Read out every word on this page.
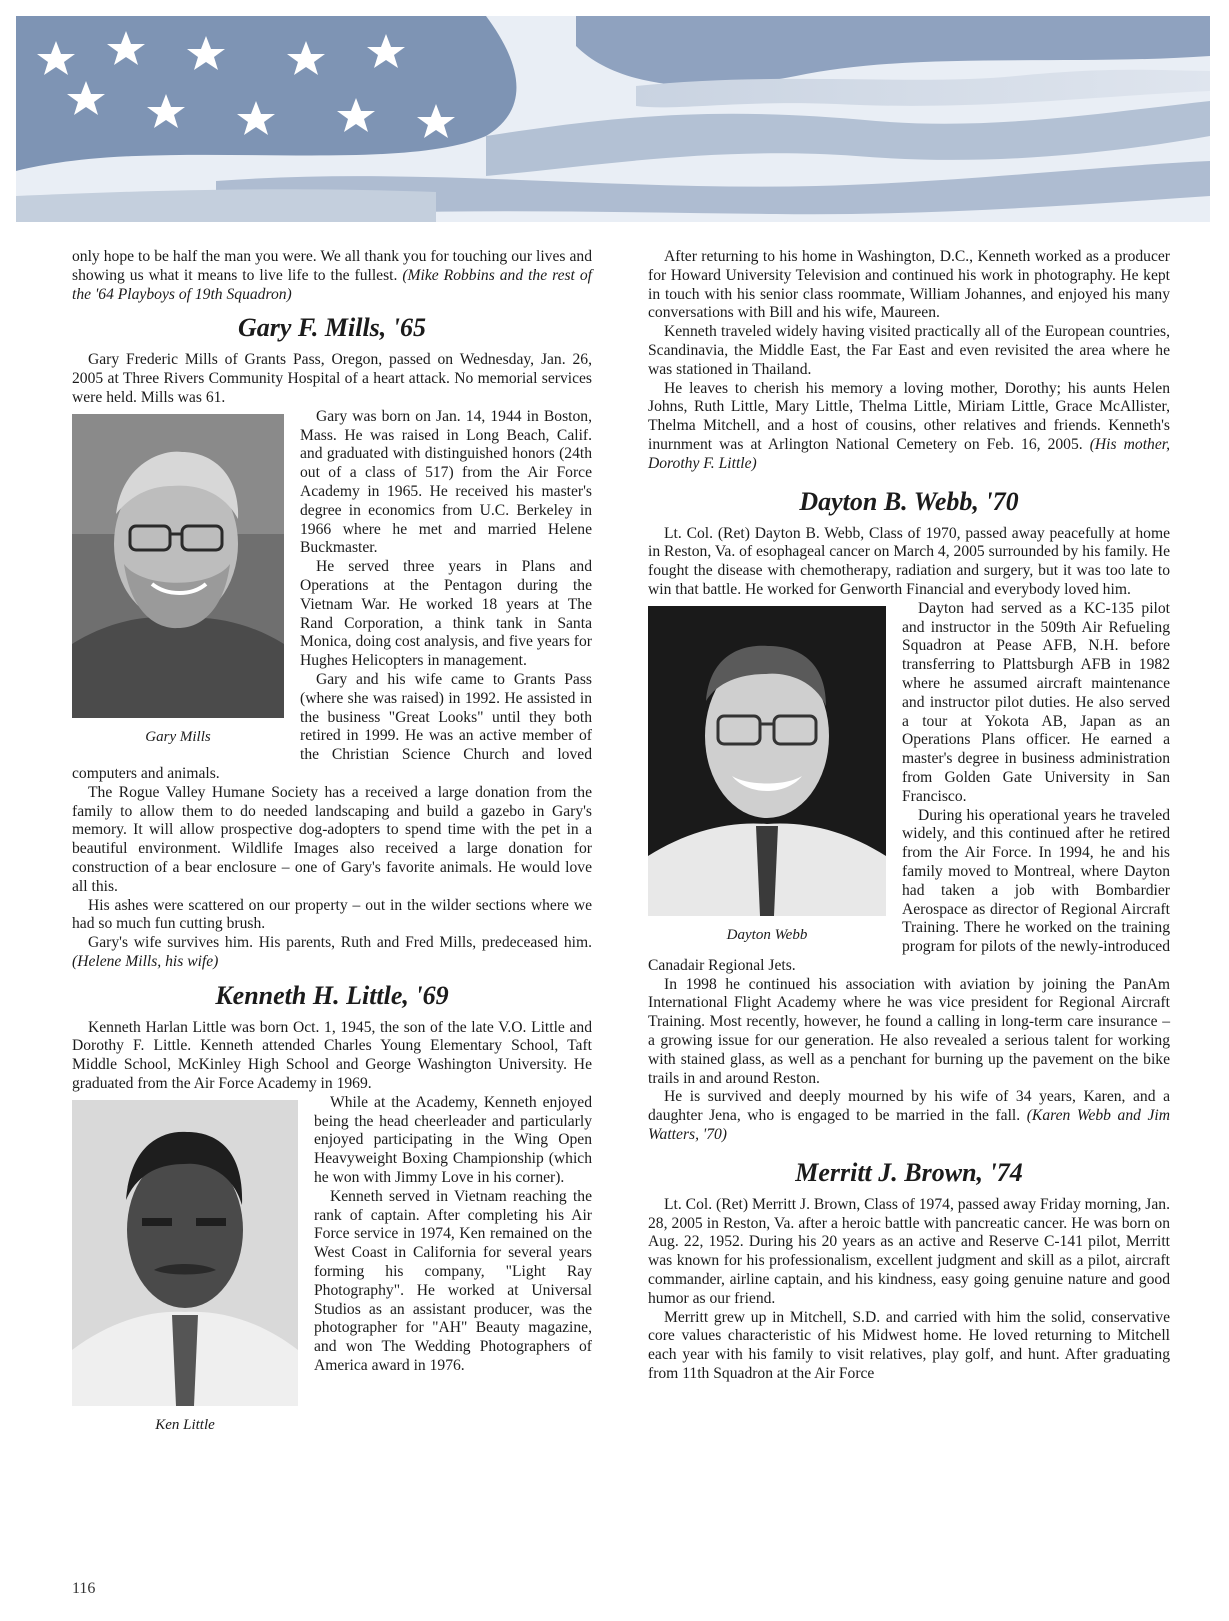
only hope to be half the man you were. We all thank you for touching our lives and showing us what it means to live life to the fullest. (Mike Robbins and the rest of the '64 Playboys of 19th Squadron)

Gary F. Mills, '65

Gary Frederic Mills of Grants Pass, Oregon, passed on Wednesday, Jan. 26, 2005 at Three Rivers Community Hospital of a heart attack. No memorial services were held. Mills was 61.

Gary Mills

Gary was born on Jan. 14, 1944 in Boston, Mass. He was raised in Long Beach, Calif. and graduated with distinguished honors (24th out of a class of 517) from the Air Force Academy in 1965. He received his master's degree in economics from U.C. Berkeley in 1966 where he met and married Helene Buckmaster.

He served three years in Plans and Operations at the Pentagon during the Vietnam War. He worked 18 years at The Rand Corporation, a think tank in Santa Monica, doing cost analysis, and five years for Hughes Helicopters in management.

Gary and his wife came to Grants Pass (where she was raised) in 1992. He assisted in the business "Great Looks" until they both retired in 1999. He was an active member of the Christian Science Church and loved computers and animals.

The Rogue Valley Humane Society has a received a large donation from the family to allow them to do needed landscaping and build a gazebo in Gary's memory. It will allow prospective dog-adopters to spend time with the pet in a beautiful environment. Wildlife Images also received a large donation for construction of a bear enclosure – one of Gary's favorite animals. He would love all this.

His ashes were scattered on our property – out in the wilder sections where we had so much fun cutting brush.

Gary's wife survives him. His parents, Ruth and Fred Mills, predeceased him. (Helene Mills, his wife)

Kenneth H. Little, '69

Kenneth Harlan Little was born Oct. 1, 1945, the son of the late V.O. Little and Dorothy F. Little. Kenneth attended Charles Young Elementary School, Taft Middle School, McKinley High School and George Washington University. He graduated from the Air Force Academy in 1969.

Ken Little

While at the Academy, Kenneth enjoyed being the head cheerleader and particularly enjoyed participating in the Wing Open Heavyweight Boxing Championship (which he won with Jimmy Love in his corner).

Kenneth served in Vietnam reaching the rank of captain. After completing his Air Force service in 1974, Ken remained on the West Coast in California for several years forming his company, "Light Ray Photography". He worked at Universal Studios as an assistant producer, was the photographer for "AH" Beauty magazine, and won The Wedding Photographers of America award in 1976.

After returning to his home in Washington, D.C., Kenneth worked as a producer for Howard University Television and continued his work in photography. He kept in touch with his senior class roommate, William Johannes, and enjoyed his many conversations with Bill and his wife, Maureen.

Kenneth traveled widely having visited practically all of the European countries, Scandinavia, the Middle East, the Far East and even revisited the area where he was stationed in Thailand.

He leaves to cherish his memory a loving mother, Dorothy; his aunts Helen Johns, Ruth Little, Mary Little, Thelma Little, Miriam Little, Grace McAllister, Thelma Mitchell, and a host of cousins, other relatives and friends. Kenneth's inurnment was at Arlington National Cemetery on Feb. 16, 2005. (His mother, Dorothy F. Little)

Dayton B. Webb, '70

Lt. Col. (Ret) Dayton B. Webb, Class of 1970, passed away peacefully at home in Reston, Va. of esophageal cancer on March 4, 2005 surrounded by his family. He fought the disease with chemotherapy, radiation and surgery, but it was too late to win that battle. He worked for Genworth Financial and everybody loved him.

Dayton Webb

Dayton had served as a KC-135 pilot and instructor in the 509th Air Refueling Squadron at Pease AFB, N.H. before transferring to Plattsburgh AFB in 1982 where he assumed aircraft maintenance and instructor pilot duties. He also served a tour at Yokota AB, Japan as an Operations Plans officer. He earned a master's degree in business administration from Golden Gate University in San Francisco.

During his operational years he traveled widely, and this continued after he retired from the Air Force. In 1994, he and his family moved to Montreal, where Dayton had taken a job with Bombardier Aerospace as director of Regional Aircraft Training. There he worked on the training program for pilots of the newly-introduced Canadair Regional Jets.

In 1998 he continued his association with aviation by joining the PanAm International Flight Academy where he was vice president for Regional Aircraft Training. Most recently, however, he found a calling in long-term care insurance – a growing issue for our generation. He also revealed a serious talent for working with stained glass, as well as a penchant for burning up the pavement on the bike trails in and around Reston.

He is survived and deeply mourned by his wife of 34 years, Karen, and a daughter Jena, who is engaged to be married in the fall. (Karen Webb and Jim Watters, '70)

Merritt J. Brown, '74

Lt. Col. (Ret) Merritt J. Brown, Class of 1974, passed away Friday morning, Jan. 28, 2005 in Reston, Va. after a heroic battle with pancreatic cancer. He was born on Aug. 22, 1952. During his 20 years as an active and Reserve C-141 pilot, Merritt was known for his professionalism, excellent judgment and skill as a pilot, aircraft commander, airline captain, and his kindness, easy going genuine nature and good humor as our friend.

Merritt grew up in Mitchell, S.D. and carried with him the solid, conservative core values characteristic of his Midwest home. He loved returning to Mitchell each year with his family to visit relatives, play golf, and hunt. After graduating from 11th Squadron at the Air Force

116
